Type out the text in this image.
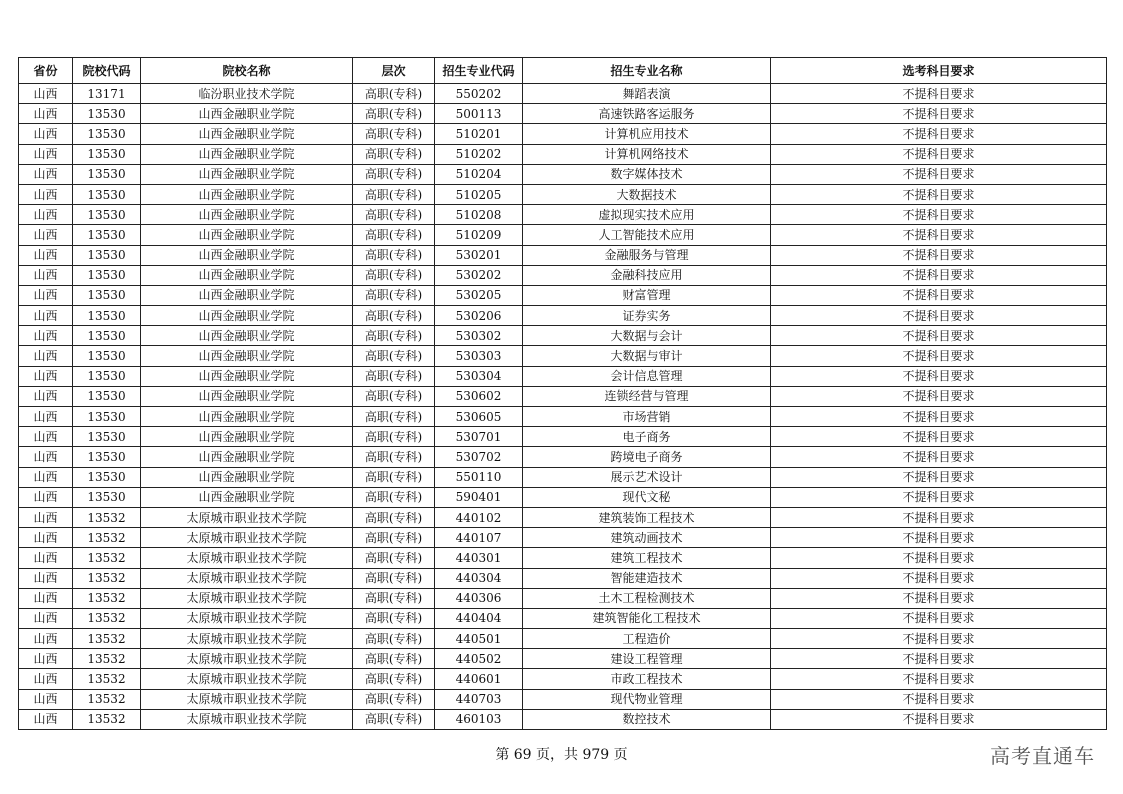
省份	院校代码	院校名称	层次	招生专业代码	招生专业名称	选考科目要求
山西	13171	临汾职业技术学院	高职(专科)	550202	舞蹈表演	不提科目要求
山西	13530	山西金融职业学院	高职(专科)	500113	高速铁路客运服务	不提科目要求
山西	13530	山西金融职业学院	高职(专科)	510201	计算机应用技术	不提科目要求
山西	13530	山西金融职业学院	高职(专科)	510202	计算机网络技术	不提科目要求
山西	13530	山西金融职业学院	高职(专科)	510204	数字媒体技术	不提科目要求
山西	13530	山西金融职业学院	高职(专科)	510205	大数据技术	不提科目要求
山西	13530	山西金融职业学院	高职(专科)	510208	虚拟现实技术应用	不提科目要求
山西	13530	山西金融职业学院	高职(专科)	510209	人工智能技术应用	不提科目要求
山西	13530	山西金融职业学院	高职(专科)	530201	金融服务与管理	不提科目要求
山西	13530	山西金融职业学院	高职(专科)	530202	金融科技应用	不提科目要求
山西	13530	山西金融职业学院	高职(专科)	530205	财富管理	不提科目要求
山西	13530	山西金融职业学院	高职(专科)	530206	证券实务	不提科目要求
山西	13530	山西金融职业学院	高职(专科)	530302	大数据与会计	不提科目要求
山西	13530	山西金融职业学院	高职(专科)	530303	大数据与审计	不提科目要求
山西	13530	山西金融职业学院	高职(专科)	530304	会计信息管理	不提科目要求
山西	13530	山西金融职业学院	高职(专科)	530602	连锁经营与管理	不提科目要求
山西	13530	山西金融职业学院	高职(专科)	530605	市场营销	不提科目要求
山西	13530	山西金融职业学院	高职(专科)	530701	电子商务	不提科目要求
山西	13530	山西金融职业学院	高职(专科)	530702	跨境电子商务	不提科目要求
山西	13530	山西金融职业学院	高职(专科)	550110	展示艺术设计	不提科目要求
山西	13530	山西金融职业学院	高职(专科)	590401	现代文秘	不提科目要求
山西	13532	太原城市职业技术学院	高职(专科)	440102	建筑装饰工程技术	不提科目要求
山西	13532	太原城市职业技术学院	高职(专科)	440107	建筑动画技术	不提科目要求
山西	13532	太原城市职业技术学院	高职(专科)	440301	建筑工程技术	不提科目要求
山西	13532	太原城市职业技术学院	高职(专科)	440304	智能建造技术	不提科目要求
山西	13532	太原城市职业技术学院	高职(专科)	440306	土木工程检测技术	不提科目要求
山西	13532	太原城市职业技术学院	高职(专科)	440404	建筑智能化工程技术	不提科目要求
山西	13532	太原城市职业技术学院	高职(专科)	440501	工程造价	不提科目要求
山西	13532	太原城市职业技术学院	高职(专科)	440502	建设工程管理	不提科目要求
山西	13532	太原城市职业技术学院	高职(专科)	440601	市政工程技术	不提科目要求
山西	13532	太原城市职业技术学院	高职(专科)	440703	现代物业管理	不提科目要求
山西	13532	太原城市职业技术学院	高职(专科)	460103	数控技术	不提科目要求
第 69 页，共 979 页	高考直通车
